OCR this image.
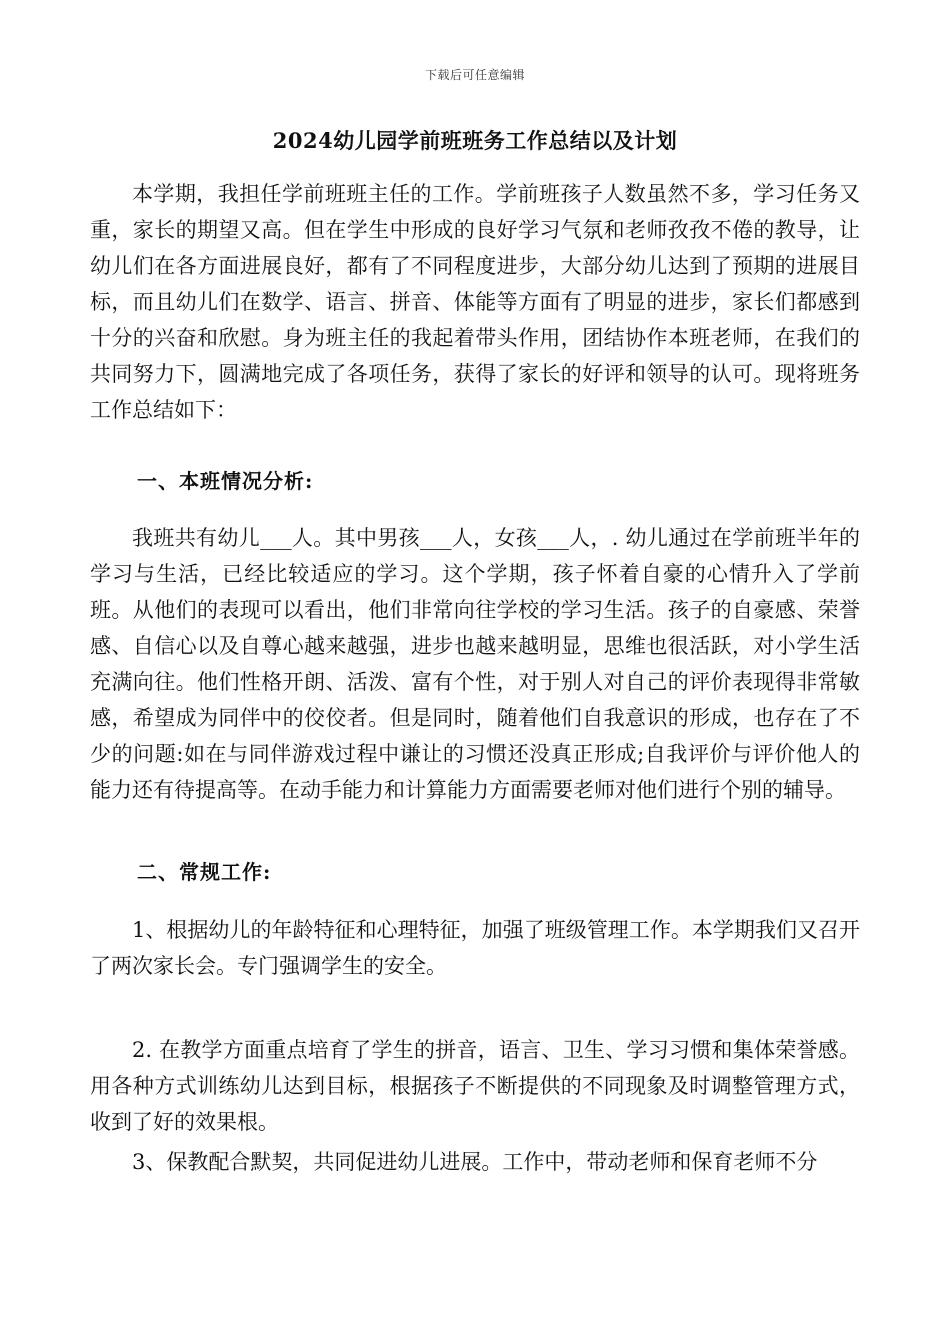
下载后可任意编辑
2024幼儿园学前班班务工作总结以及计划

本学期，我担任学前班班主任的工作。学前班孩子人数虽然不多，学习任务又重，家长的期望又高。但在学生中形成的良好学习气氛和老师孜孜不倦的教导，让幼儿们在各方面进展良好，都有了不同程度进步，大部分幼儿达到了预期的进展目标，而且幼儿们在数学、语言、拼音、体能等方面有了明显的进步，家长们都感到十分的兴奋和欣慰。身为班主任的我起着带头作用，团结协作本班老师，在我们的共同努力下，圆满地完成了各项任务，获得了家长的好评和领导的认可。现将班务工作总结如下：

一、本班情况分析:

我班共有幼儿___人。其中男孩___人，女孩___人，. 幼儿通过在学前班半年的学习与生活，已经比较适应的学习。这个学期，孩子怀着自豪的心情升入了学前班。从他们的表现可以看出，他们非常向往学校的学习生活。孩子的自豪感、荣誉感、自信心以及自尊心越来越强，进步也越来越明显，思维也很活跃，对小学生活充满向往。他们性格开朗、活泼、富有个性，对于别人对自己的评价表现得非常敏感，希望成为同伴中的佼佼者。但是同时，随着他们自我意识的形成，也存在了不少的问题:如在与同伴游戏过程中谦让的习惯还没真正形成;自我评价与评价他人的能力还有待提高等。在动手能力和计算能力方面需要老师对他们进行个别的辅导。

二、常规工作:

1、根据幼儿的年龄特征和心理特征，加强了班级管理工作。本学期我们又召开了两次家长会。专门强调学生的安全。

2. 在教学方面重点培育了学生的拼音，语言、卫生、学习习惯和集体荣誉感。用各种方式训练幼儿达到目标，根据孩子不断提供的不同现象及时调整管理方式，收到了好的效果根。

3、保教配合默契，共同促进幼儿进展。工作中，带动老师和保育老师不分
